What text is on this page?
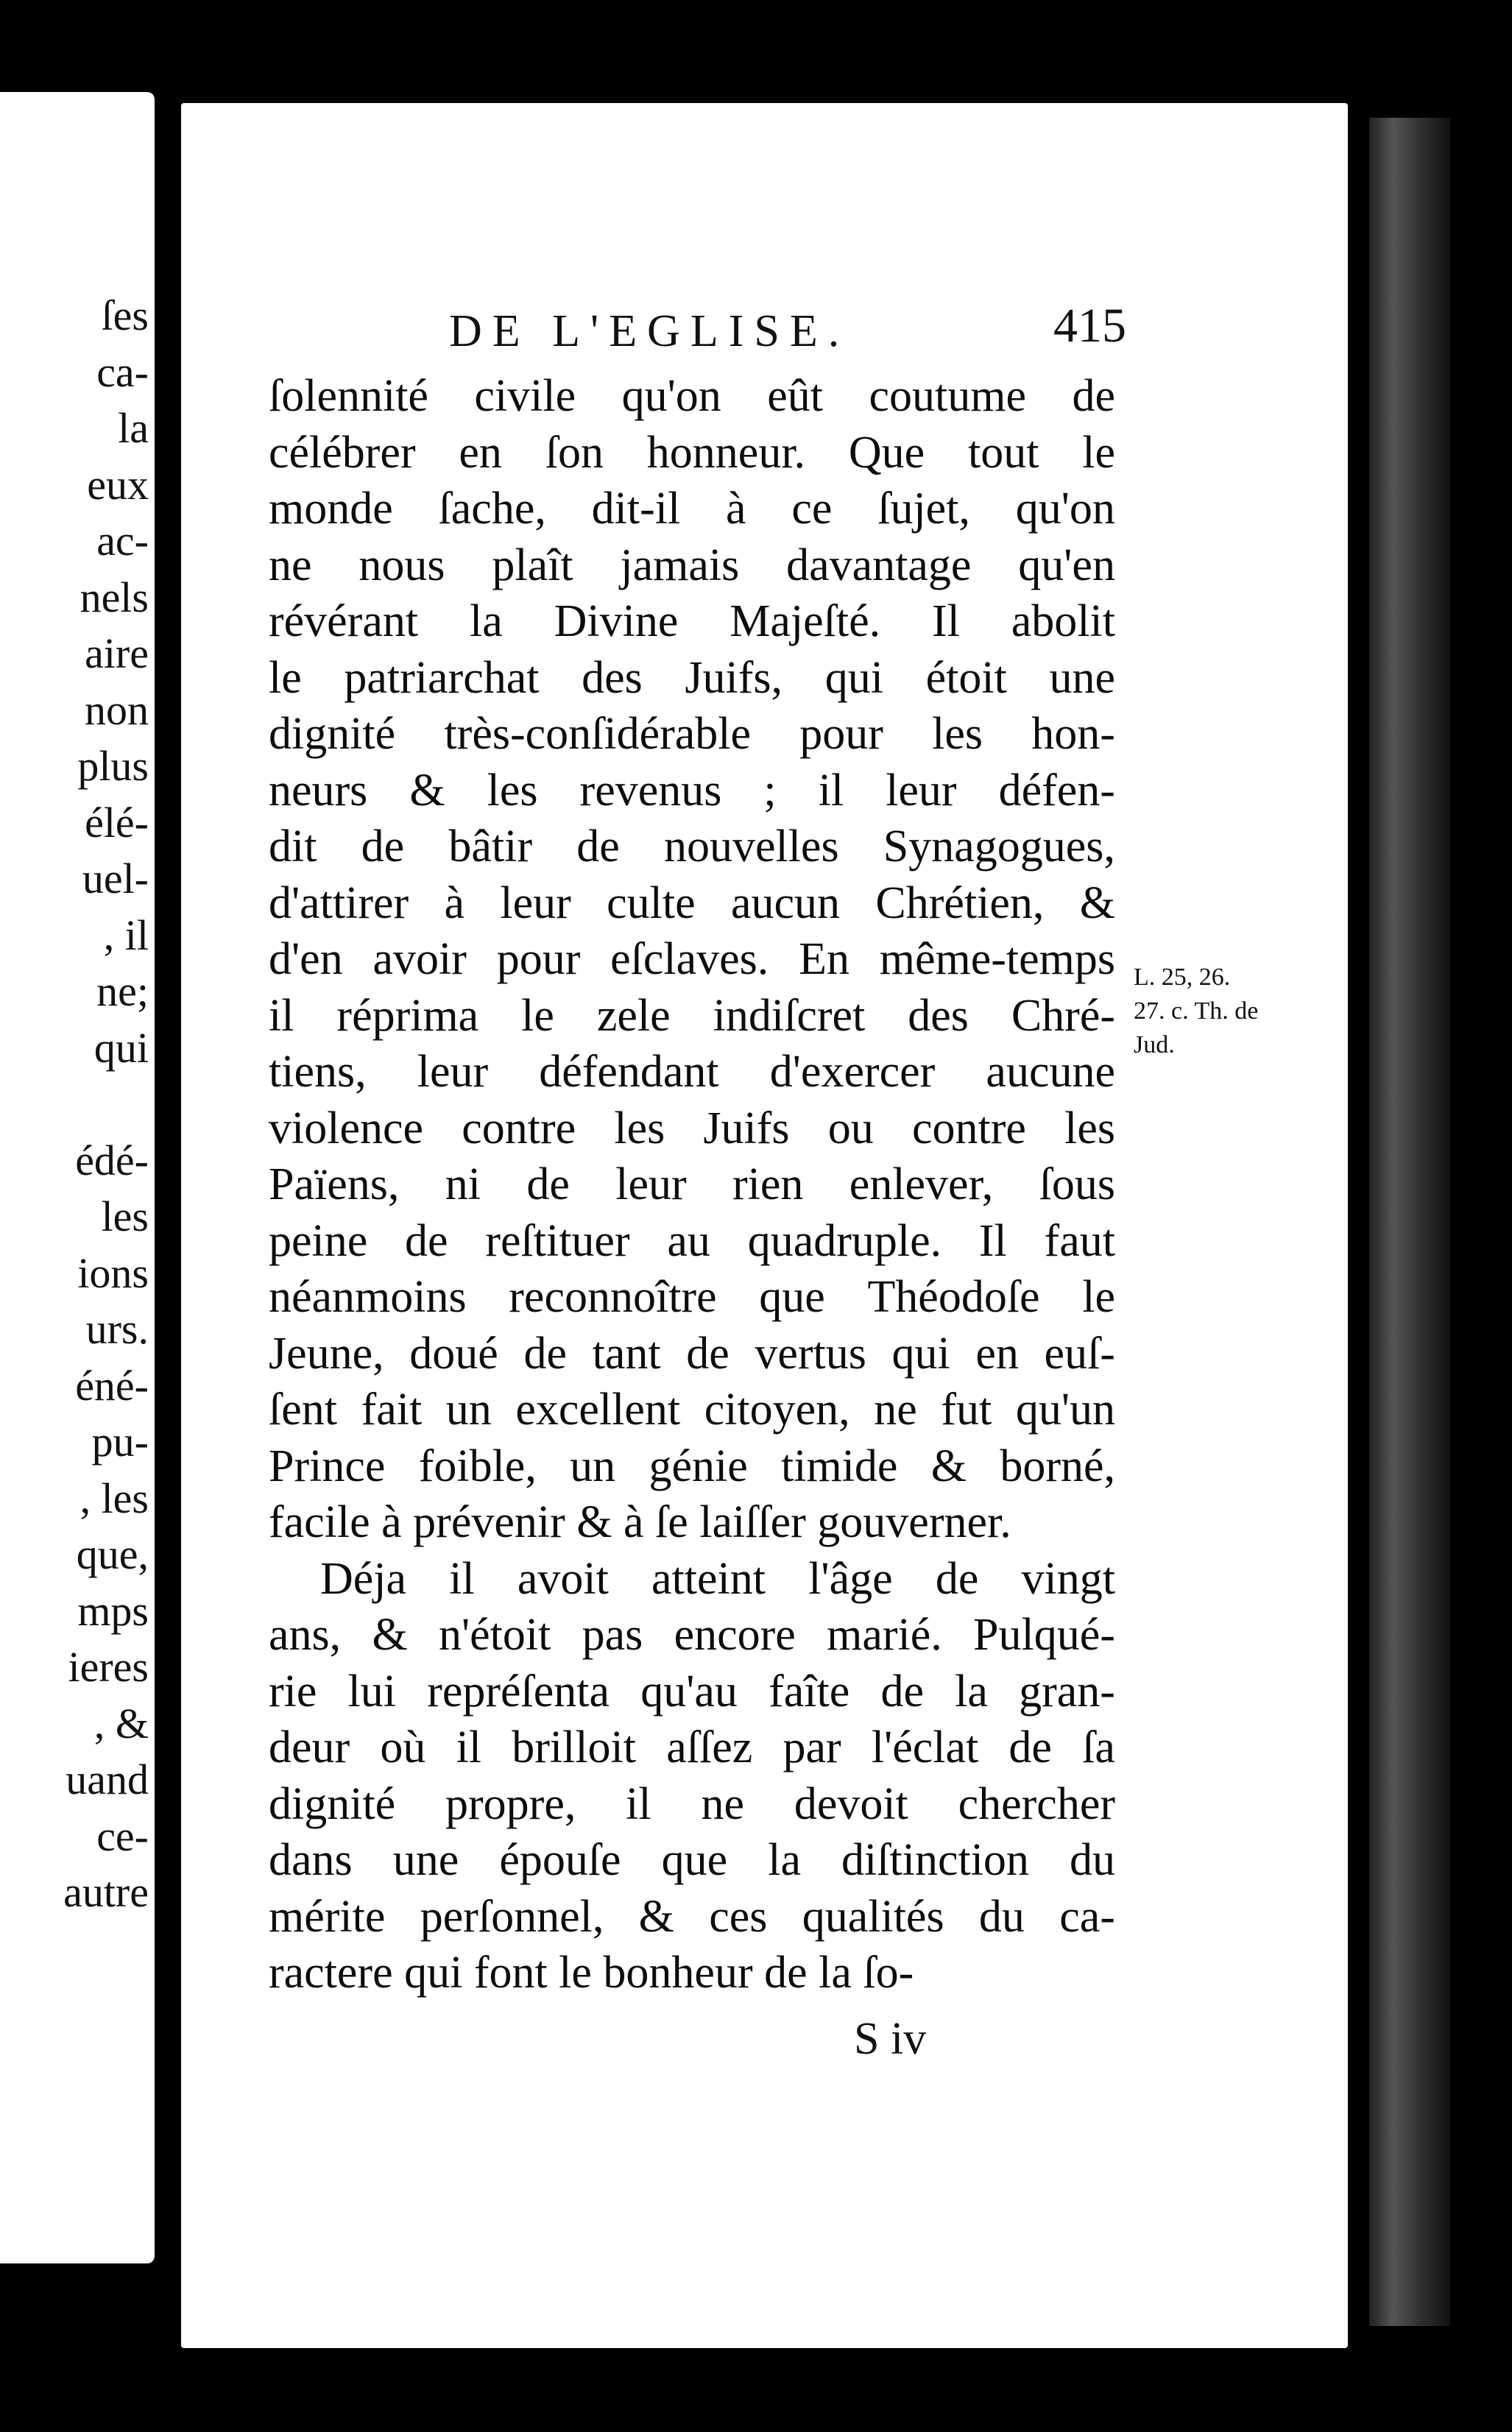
ſes
ca-
la
eux
ac-
nels
aire
non
plus
élé-
uel-
, il
ne;
qui
édé-
les
ions
urs.
éné-
pu-
, les
que,
mps
ieres
, &
uand
ce-
autre
DE L'EGLISE.	415
ſolennité civile qu'on eût coutume de
célébrer en ſon honneur. Que tout le
monde ſache, dit-il à ce ſujet, qu'on
ne nous plaît jamais davantage qu'en
révérant la Divine Majeſté. Il abolit
le patriarchat des Juifs, qui étoit une
dignité très-conſidérable pour les hon-
neurs & les revenus ; il leur défen-
dit de bâtir de nouvelles Synagogues,
d'attirer à leur culte aucun Chrétien, &
d'en avoir pour eſclaves. En même-temps
il réprima le zele indiſcret des Chré-
tiens, leur défendant d'exercer aucune
violence contre les Juifs ou contre les
Païens, ni de leur rien enlever, ſous
peine de reſtituer au quadruple. Il faut
néanmoins reconnoître que Théodoſe le
Jeune, doué de tant de vertus qui en euſ-
ſent fait un excellent citoyen, ne fut qu'un
Prince foible, un génie timide & borné,
facile à prévenir & à ſe laiſſer gouverner.
Déja il avoit atteint l'âge de vingt
ans, & n'étoit pas encore marié. Pulqué-
rie lui repréſenta qu'au faîte de la gran-
deur où il brilloit aſſez par l'éclat de ſa
dignité propre, il ne devoit chercher
dans une épouſe que la diſtinction du
mérite perſonnel, & ces qualités du ca-
ractere qui font le bonheur de la ſo-
L. 25, 26.
27. c. Th. de
Jud.
S iv
